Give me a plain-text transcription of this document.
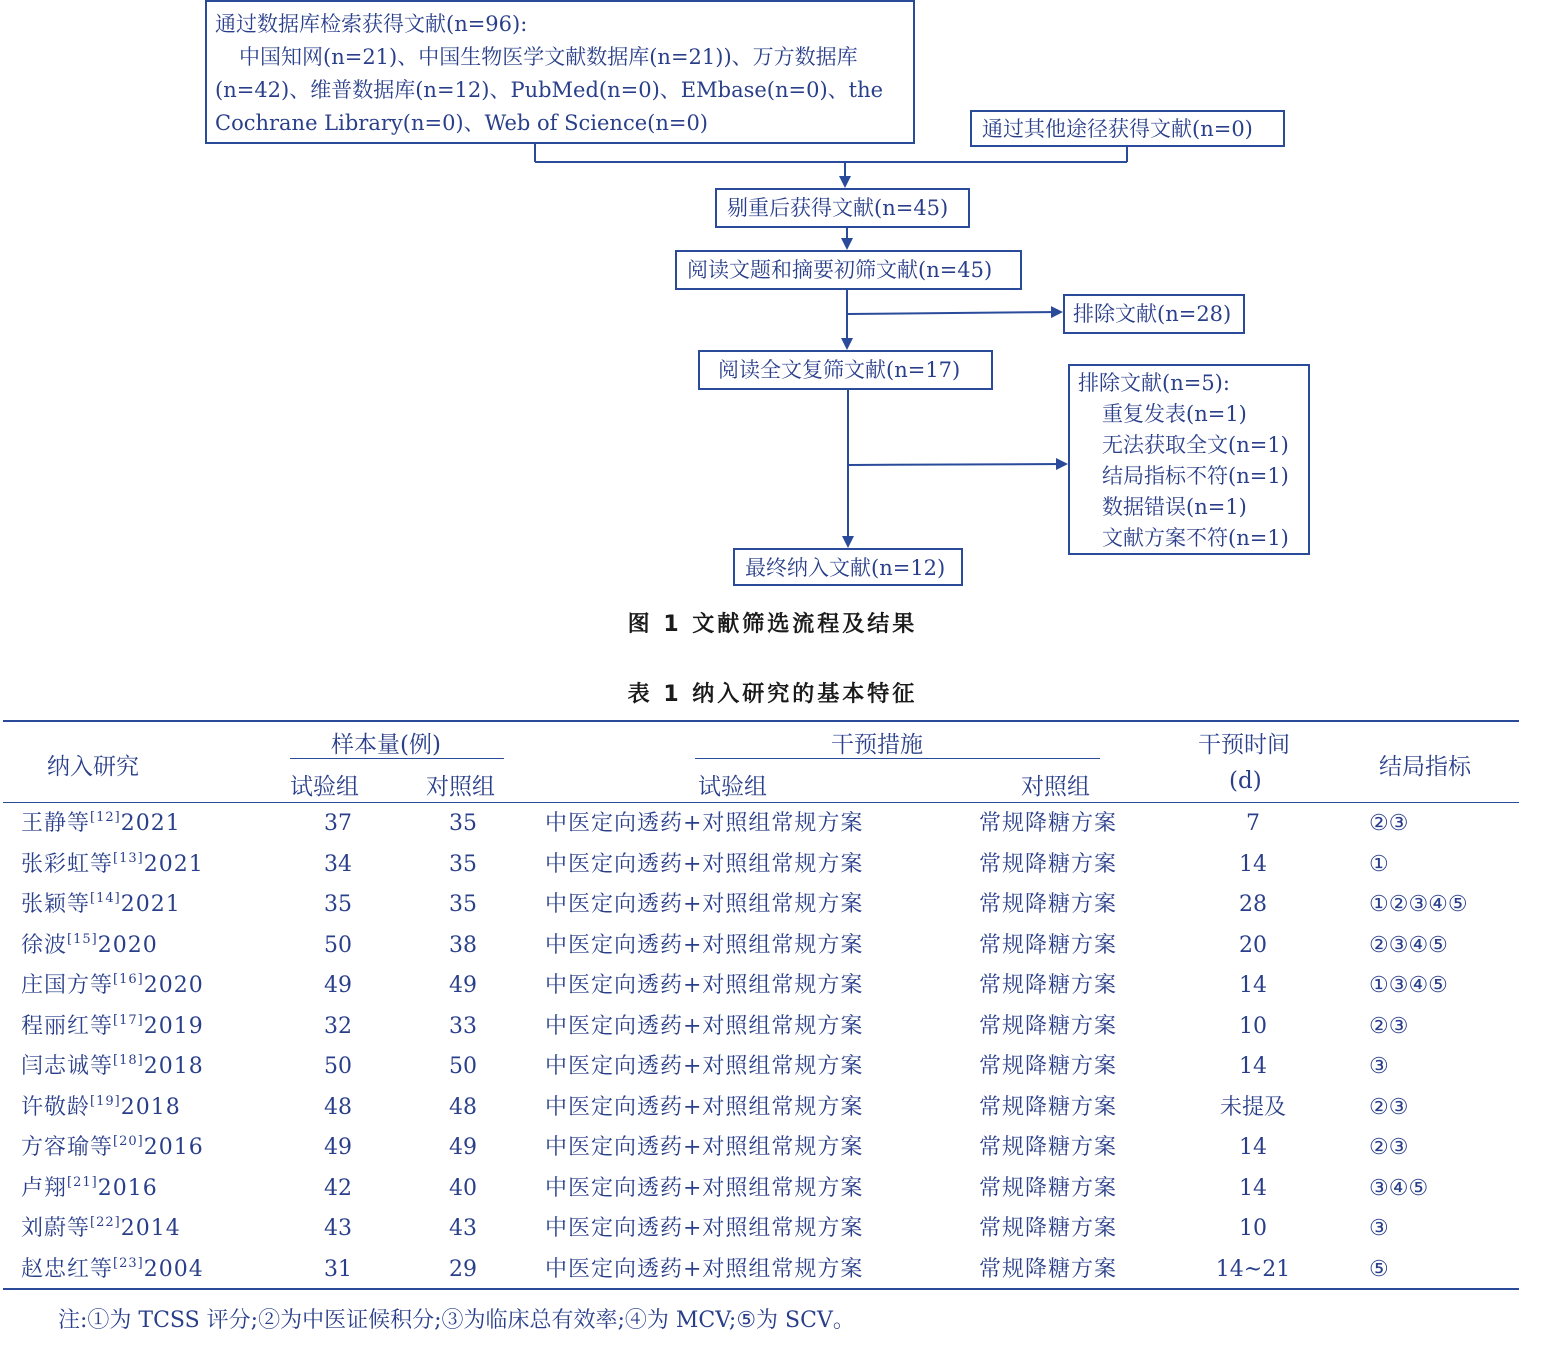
通过数据库检索获得文献(n=96):
中国知网(n=21)、中国生物医学文献数据库(n=21))、万方数据库
(n=42)、维普数据库(n=12)、PubMed(n=0)、EMbase(n=0)、the
Cochrane Library(n=0)、Web of Science(n=0)	通过其他途径获得文献(n=0)
剔重后获得文献(n=45)
阅读文题和摘要初筛文献(n=45)
排除文献(n=28)
阅读全文复筛文献(n=17)
排除文献(n=5):
重复发表(n=1)
无法获取全文(n=1)
结局指标不符(n=1)
数据错误(n=1)
文献方案不符(n=1)
最终纳入文献(n=12)
图 1 文献筛选流程及结果
表 1 纳入研究的基本特征
纳入研究
样本量(例)
试验组	对照组
干预措施
试验组	对照组
干预时间
(d)
结局指标
王静等[12]2021	37	35	中医定向透药+对照组常规方案	常规降糖方案	7	②③
张彩虹等[13]2021	34	35	中医定向透药+对照组常规方案	常规降糖方案	14	①
张颖等[14]2021	35	35	中医定向透药+对照组常规方案	常规降糖方案	28	①②③④⑤
徐波[15]2020	50	38	中医定向透药+对照组常规方案	常规降糖方案	20	②③④⑤
庄国方等[16]2020	49	49	中医定向透药+对照组常规方案	常规降糖方案	14	①③④⑤
程丽红等[17]2019	32	33	中医定向透药+对照组常规方案	常规降糖方案	10	②③
闫志诚等[18]2018	50	50	中医定向透药+对照组常规方案	常规降糖方案	14	③
许敬龄[19]2018	48	48	中医定向透药+对照组常规方案	常规降糖方案	未提及	②③
方容瑜等[20]2016	49	49	中医定向透药+对照组常规方案	常规降糖方案	14	②③
卢翔[21]2016	42	40	中医定向透药+对照组常规方案	常规降糖方案	14	③④⑤
刘蔚等[22]2014	43	43	中医定向透药+对照组常规方案	常规降糖方案	10	③
赵忠红等[23]2004	31	29	中医定向透药+对照组常规方案	常规降糖方案	14~21	⑤
注:①为 TCSS 评分;②为中医证候积分;③为临床总有效率;④为 MCV;⑤为 SCV。
